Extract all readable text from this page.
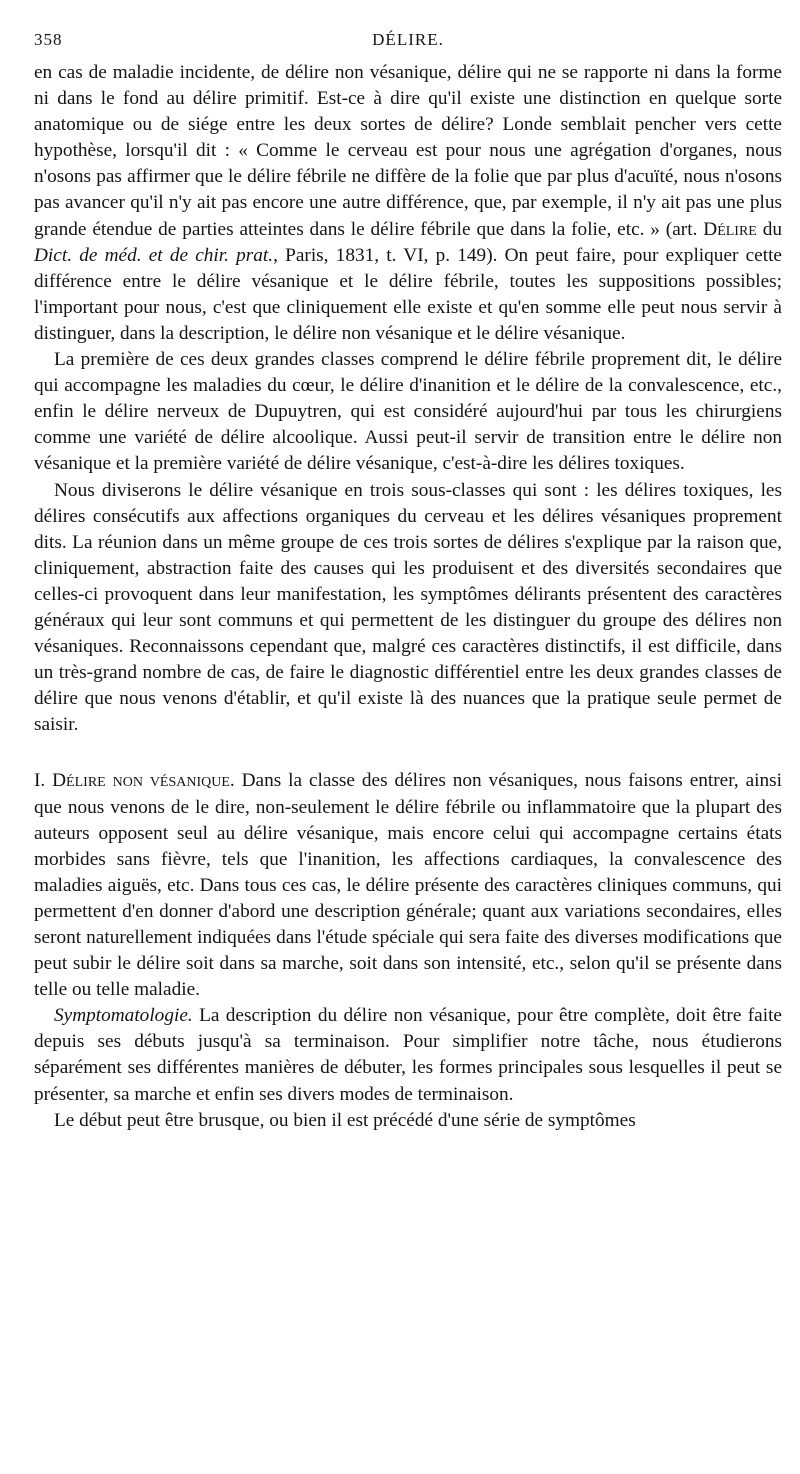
358	DÉLIRE.

en cas de maladie incidente, de délire non vésanique, délire qui ne se rapporte ni dans la forme ni dans le fond au délire primitif. Est-ce à dire qu'il existe une distinction en quelque sorte anatomique ou de siége entre les deux sortes de délire? Londe semblait pencher vers cette hypothèse, lorsqu'il dit : « Comme le cerveau est pour nous une agrégation d'organes, nous n'osons pas affirmer que le délire fébrile ne diffère de la folie que par plus d'acuïté, nous n'osons pas avancer qu'il n'y ait pas encore une autre différence, que, par exemple, il n'y ait pas une plus grande étendue de parties atteintes dans le délire fébrile que dans la folie, etc. » (art. Délire du Dict. de méd. et de chir. prat., Paris, 1831, t. VI, p. 149). On peut faire, pour expliquer cette différence entre le délire vésanique et le délire fébrile, toutes les suppositions possibles; l'important pour nous, c'est que cliniquement elle existe et qu'en somme elle peut nous servir à distinguer, dans la description, le délire non vésanique et le délire vésanique.

La première de ces deux grandes classes comprend le délire fébrile proprement dit, le délire qui accompagne les maladies du cœur, le délire d'inanition et le délire de la convalescence, etc., enfin le délire nerveux de Dupuytren, qui est considéré aujourd'hui par tous les chirurgiens comme une variété de délire alcoolique. Aussi peut-il servir de transition entre le délire non vésanique et la première variété de délire vésanique, c'est-à-dire les délires toxiques.

Nous diviserons le délire vésanique en trois sous-classes qui sont : les délires toxiques, les délires consécutifs aux affections organiques du cerveau et les délires vésaniques proprement dits. La réunion dans un même groupe de ces trois sortes de délires s'explique par la raison que, cliniquement, abstraction faite des causes qui les produisent et des diversités secondaires que celles-ci provoquent dans leur manifestation, les symptômes délirants présentent des caractères généraux qui leur sont communs et qui permettent de les distinguer du groupe des délires non vésaniques. Reconnaissons cependant que, malgré ces caractères distinctifs, il est difficile, dans un très-grand nombre de cas, de faire le diagnostic différentiel entre les deux grandes classes de délire que nous venons d'établir, et qu'il existe là des nuances que la pratique seule permet de saisir.

I. Délire non vésanique. Dans la classe des délires non vésaniques, nous faisons entrer, ainsi que nous venons de le dire, non-seulement le délire fébrile ou inflammatoire que la plupart des auteurs opposent seul au délire vésanique, mais encore celui qui accompagne certains états morbides sans fièvre, tels que l'inanition, les affections cardiaques, la convalescence des maladies aiguës, etc. Dans tous ces cas, le délire présente des caractères cliniques communs, qui permettent d'en donner d'abord une description générale; quant aux variations secondaires, elles seront naturellement indiquées dans l'étude spéciale qui sera faite des diverses modifications que peut subir le délire soit dans sa marche, soit dans son intensité, etc., selon qu'il se présente dans telle ou telle maladie.

Symptomatologie. La description du délire non vésanique, pour être complète, doit être faite depuis ses débuts jusqu'à sa terminaison. Pour simplifier notre tâche, nous étudierons séparément ses différentes manières de débuter, les formes principales sous lesquelles il peut se présenter, sa marche et enfin ses divers modes de terminaison.

Le début peut être brusque, ou bien il est précédé d'une série de symptômes
